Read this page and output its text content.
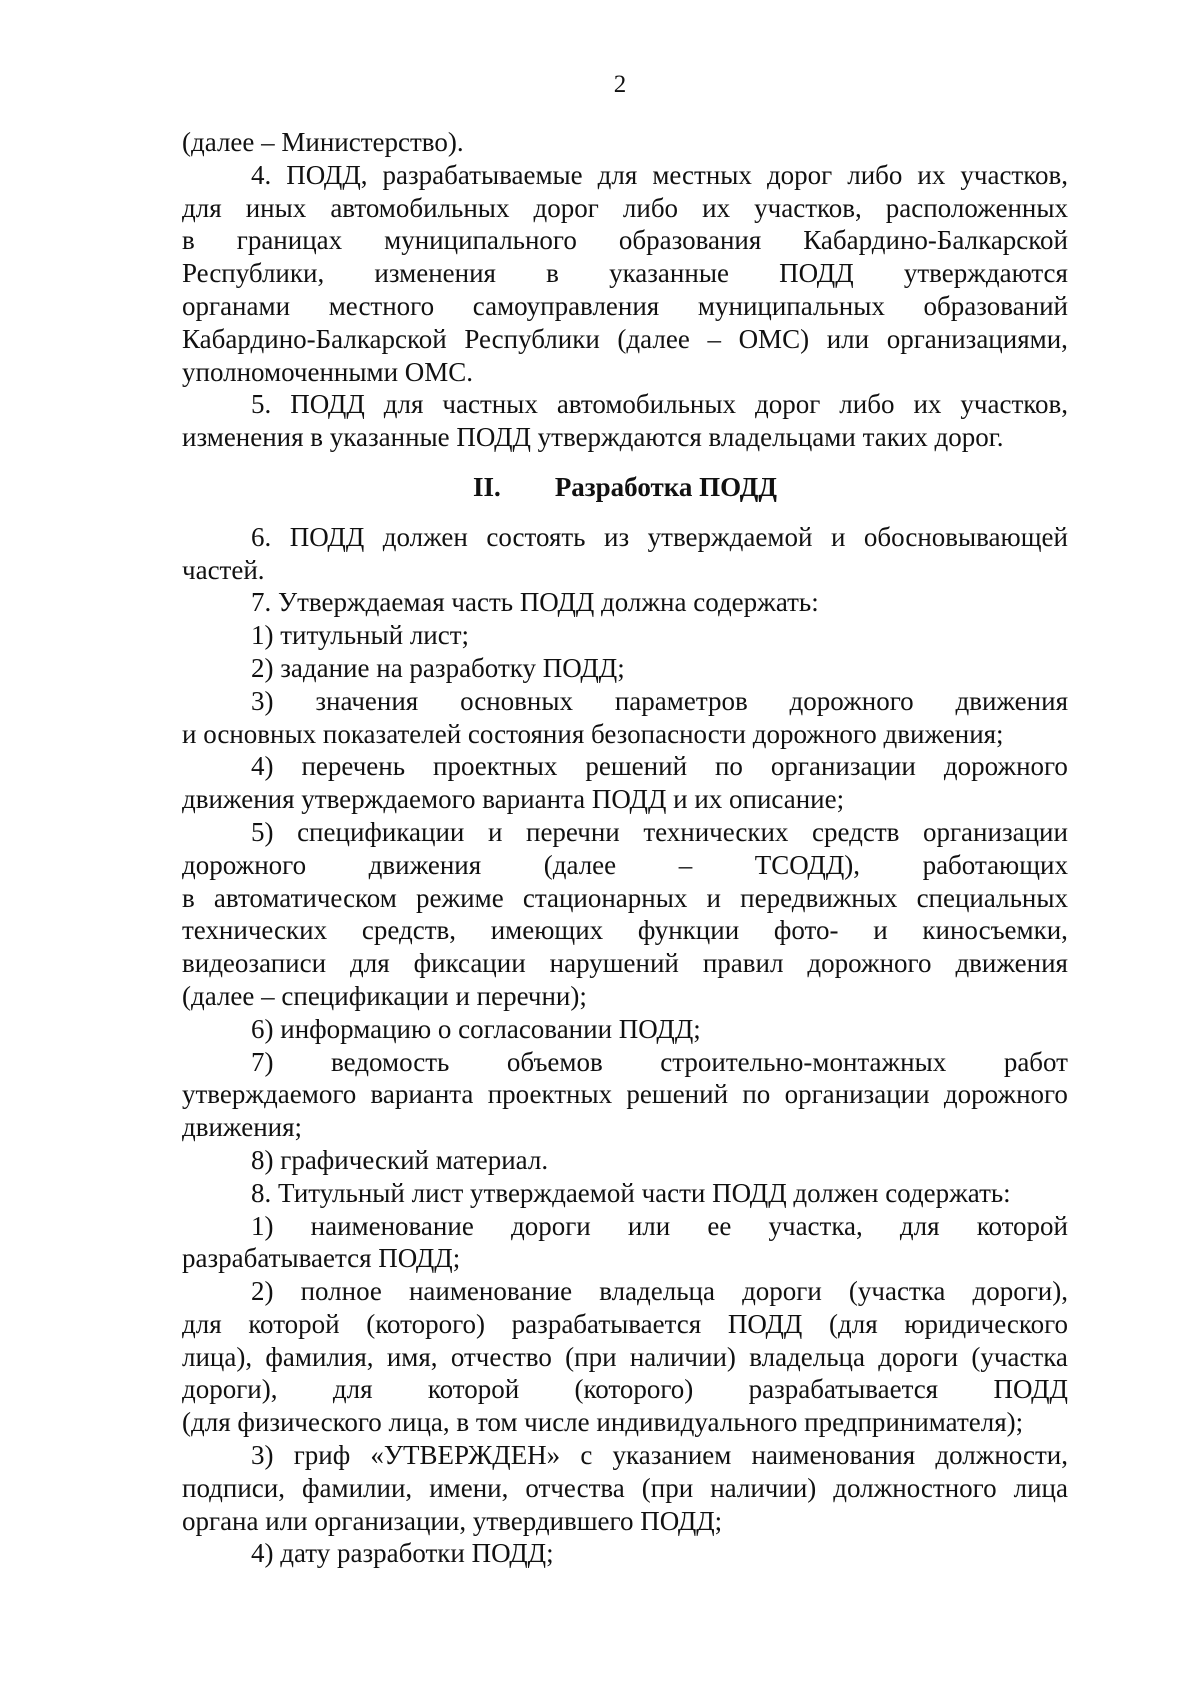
2
(далее – Министерство).
4. ПОДД, разрабатываемые для местных дорог либо их участков,
для иных автомобильных дорог либо их участков, расположенных
в границах муниципального образования Кабардино-Балкарской
Республики, изменения в указанные ПОДД утверждаются
органами местного самоуправления муниципальных образований
Кабардино-Балкарской Республики (далее – ОМС) или организациями,
уполномоченными ОМС.
5. ПОДД для частных автомобильных дорог либо их участков,
изменения в указанные ПОДД утверждаются владельцами таких дорог.
II. Разработка ПОДД
6. ПОДД должен состоять из утверждаемой и обосновывающей
частей.
7. Утверждаемая часть ПОДД должна содержать:
1) титульный лист;
2) задание на разработку ПОДД;
3) значения основных параметров дорожного движения
и основных показателей состояния безопасности дорожного движения;
4) перечень проектных решений по организации дорожного
движения утверждаемого варианта ПОДД и их описание;
5) спецификации и перечни технических средств организации
дорожного движения (далее – ТСОДД), работающих
в автоматическом режиме стационарных и передвижных специальных
технических средств, имеющих функции фото- и киносъемки,
видеозаписи для фиксации нарушений правил дорожного движения
(далее – спецификации и перечни);
6) информацию о согласовании ПОДД;
7) ведомость объемов строительно-монтажных работ
утверждаемого варианта проектных решений по организации дорожного
движения;
8) графический материал.
8. Титульный лист утверждаемой части ПОДД должен содержать:
1) наименование дороги или ее участка, для которой
разрабатывается ПОДД;
2) полное наименование владельца дороги (участка дороги),
для которой (которого) разрабатывается ПОДД (для юридического
лица), фамилия, имя, отчество (при наличии) владельца дороги (участка
дороги), для которой (которого) разрабатывается ПОДД
(для физического лица, в том числе индивидуального предпринимателя);
3) гриф «УТВЕРЖДЕН» с указанием наименования должности,
подписи, фамилии, имени, отчества (при наличии) должностного лица
органа или организации, утвердившего ПОДД;
4) дату разработки ПОДД;
